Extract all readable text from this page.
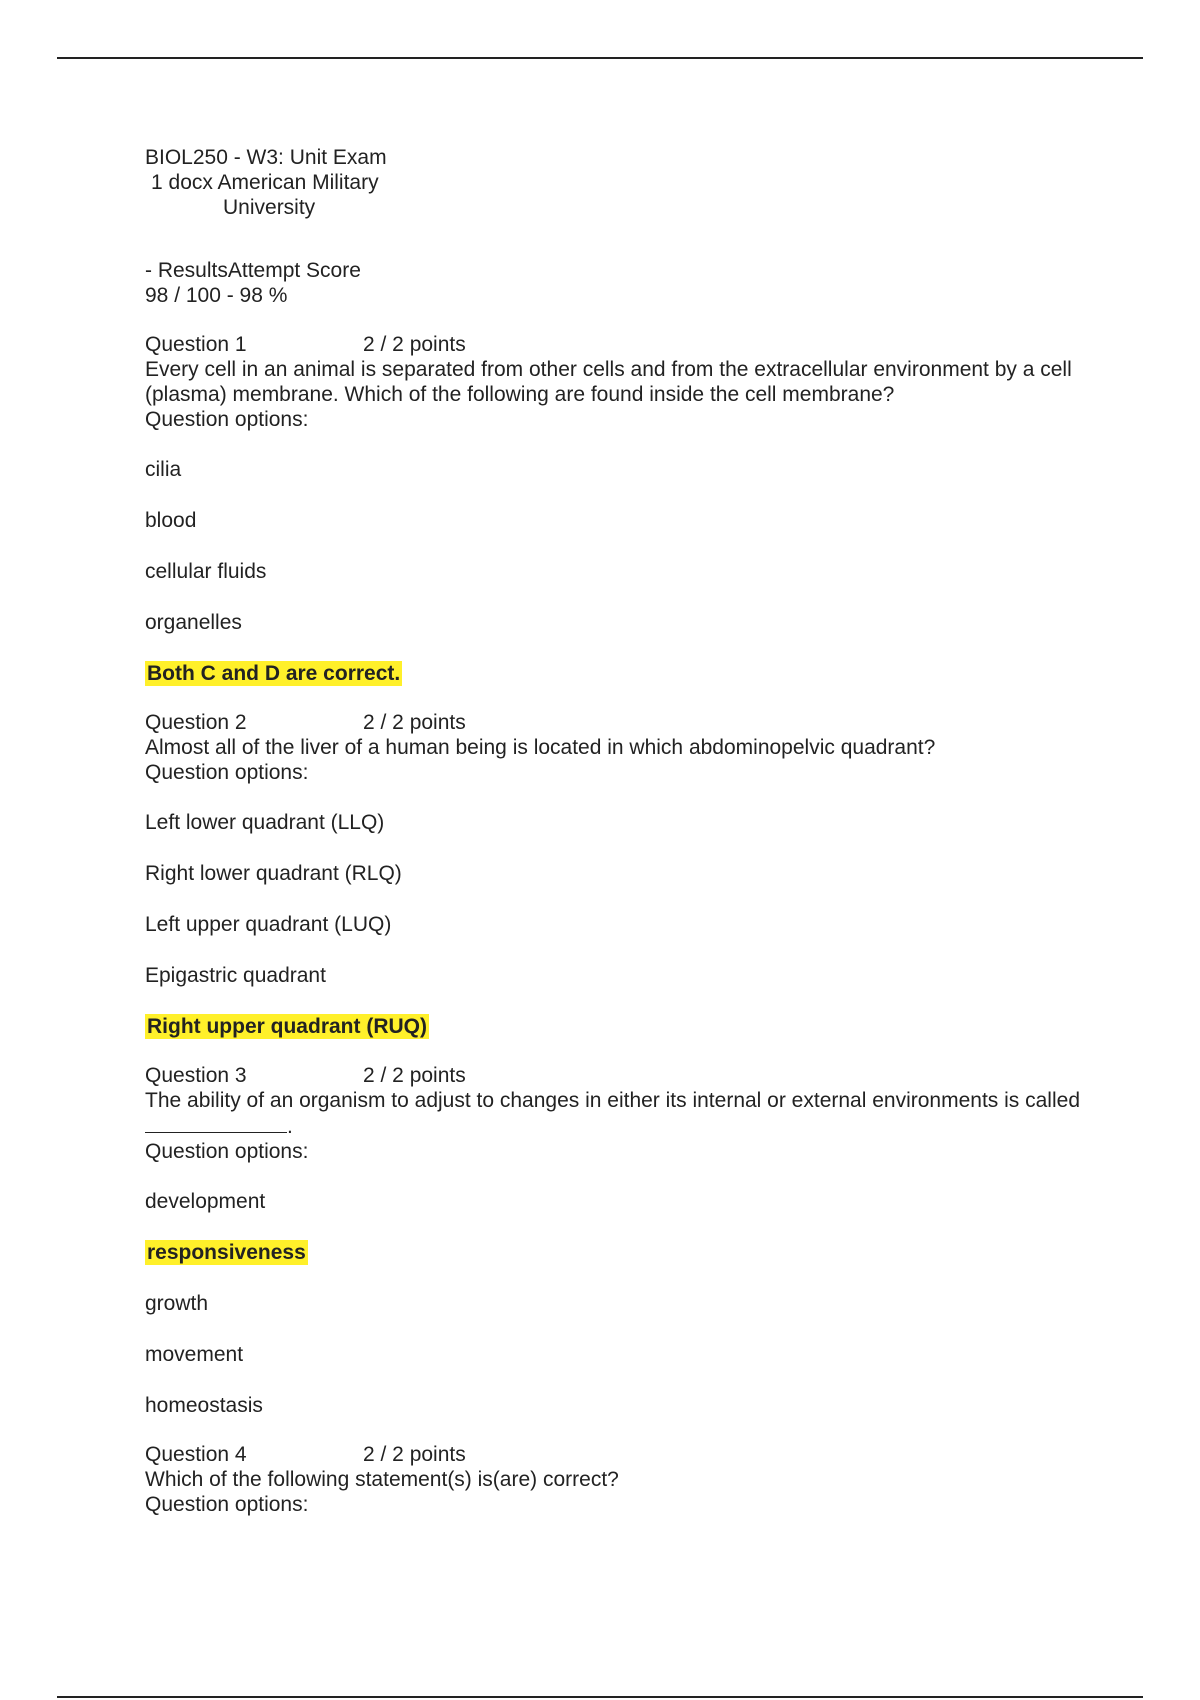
BIOL250 - W3: Unit Exam

1 docx American Military

University

- ResultsAttempt Score

98 / 100 - 98 %

Question 1	2 / 2 points

Every cell in an animal is separated from other cells and from the extracellular environment by a cell (plasma) membrane. Which of the following are found inside the cell membrane?

Question options:

cilia

blood

cellular fluids

organelles

Both C and D are correct.

Question 2	2 / 2 points

Almost all of the liver of a human being is located in which abdominopelvic quadrant?

Question options:

Left lower quadrant (LLQ)

Right lower quadrant (RLQ)

Left upper quadrant (LUQ)

Epigastric quadrant

Right upper quadrant (RUQ)

Question 3	2 / 2 points

The ability of an organism to adjust to changes in either its internal or external environments is called.

Question options:

development

responsiveness

growth

movement

homeostasis

Question 4	2 / 2 points

Which of the following statement(s) is(are) correct?

Question options:
